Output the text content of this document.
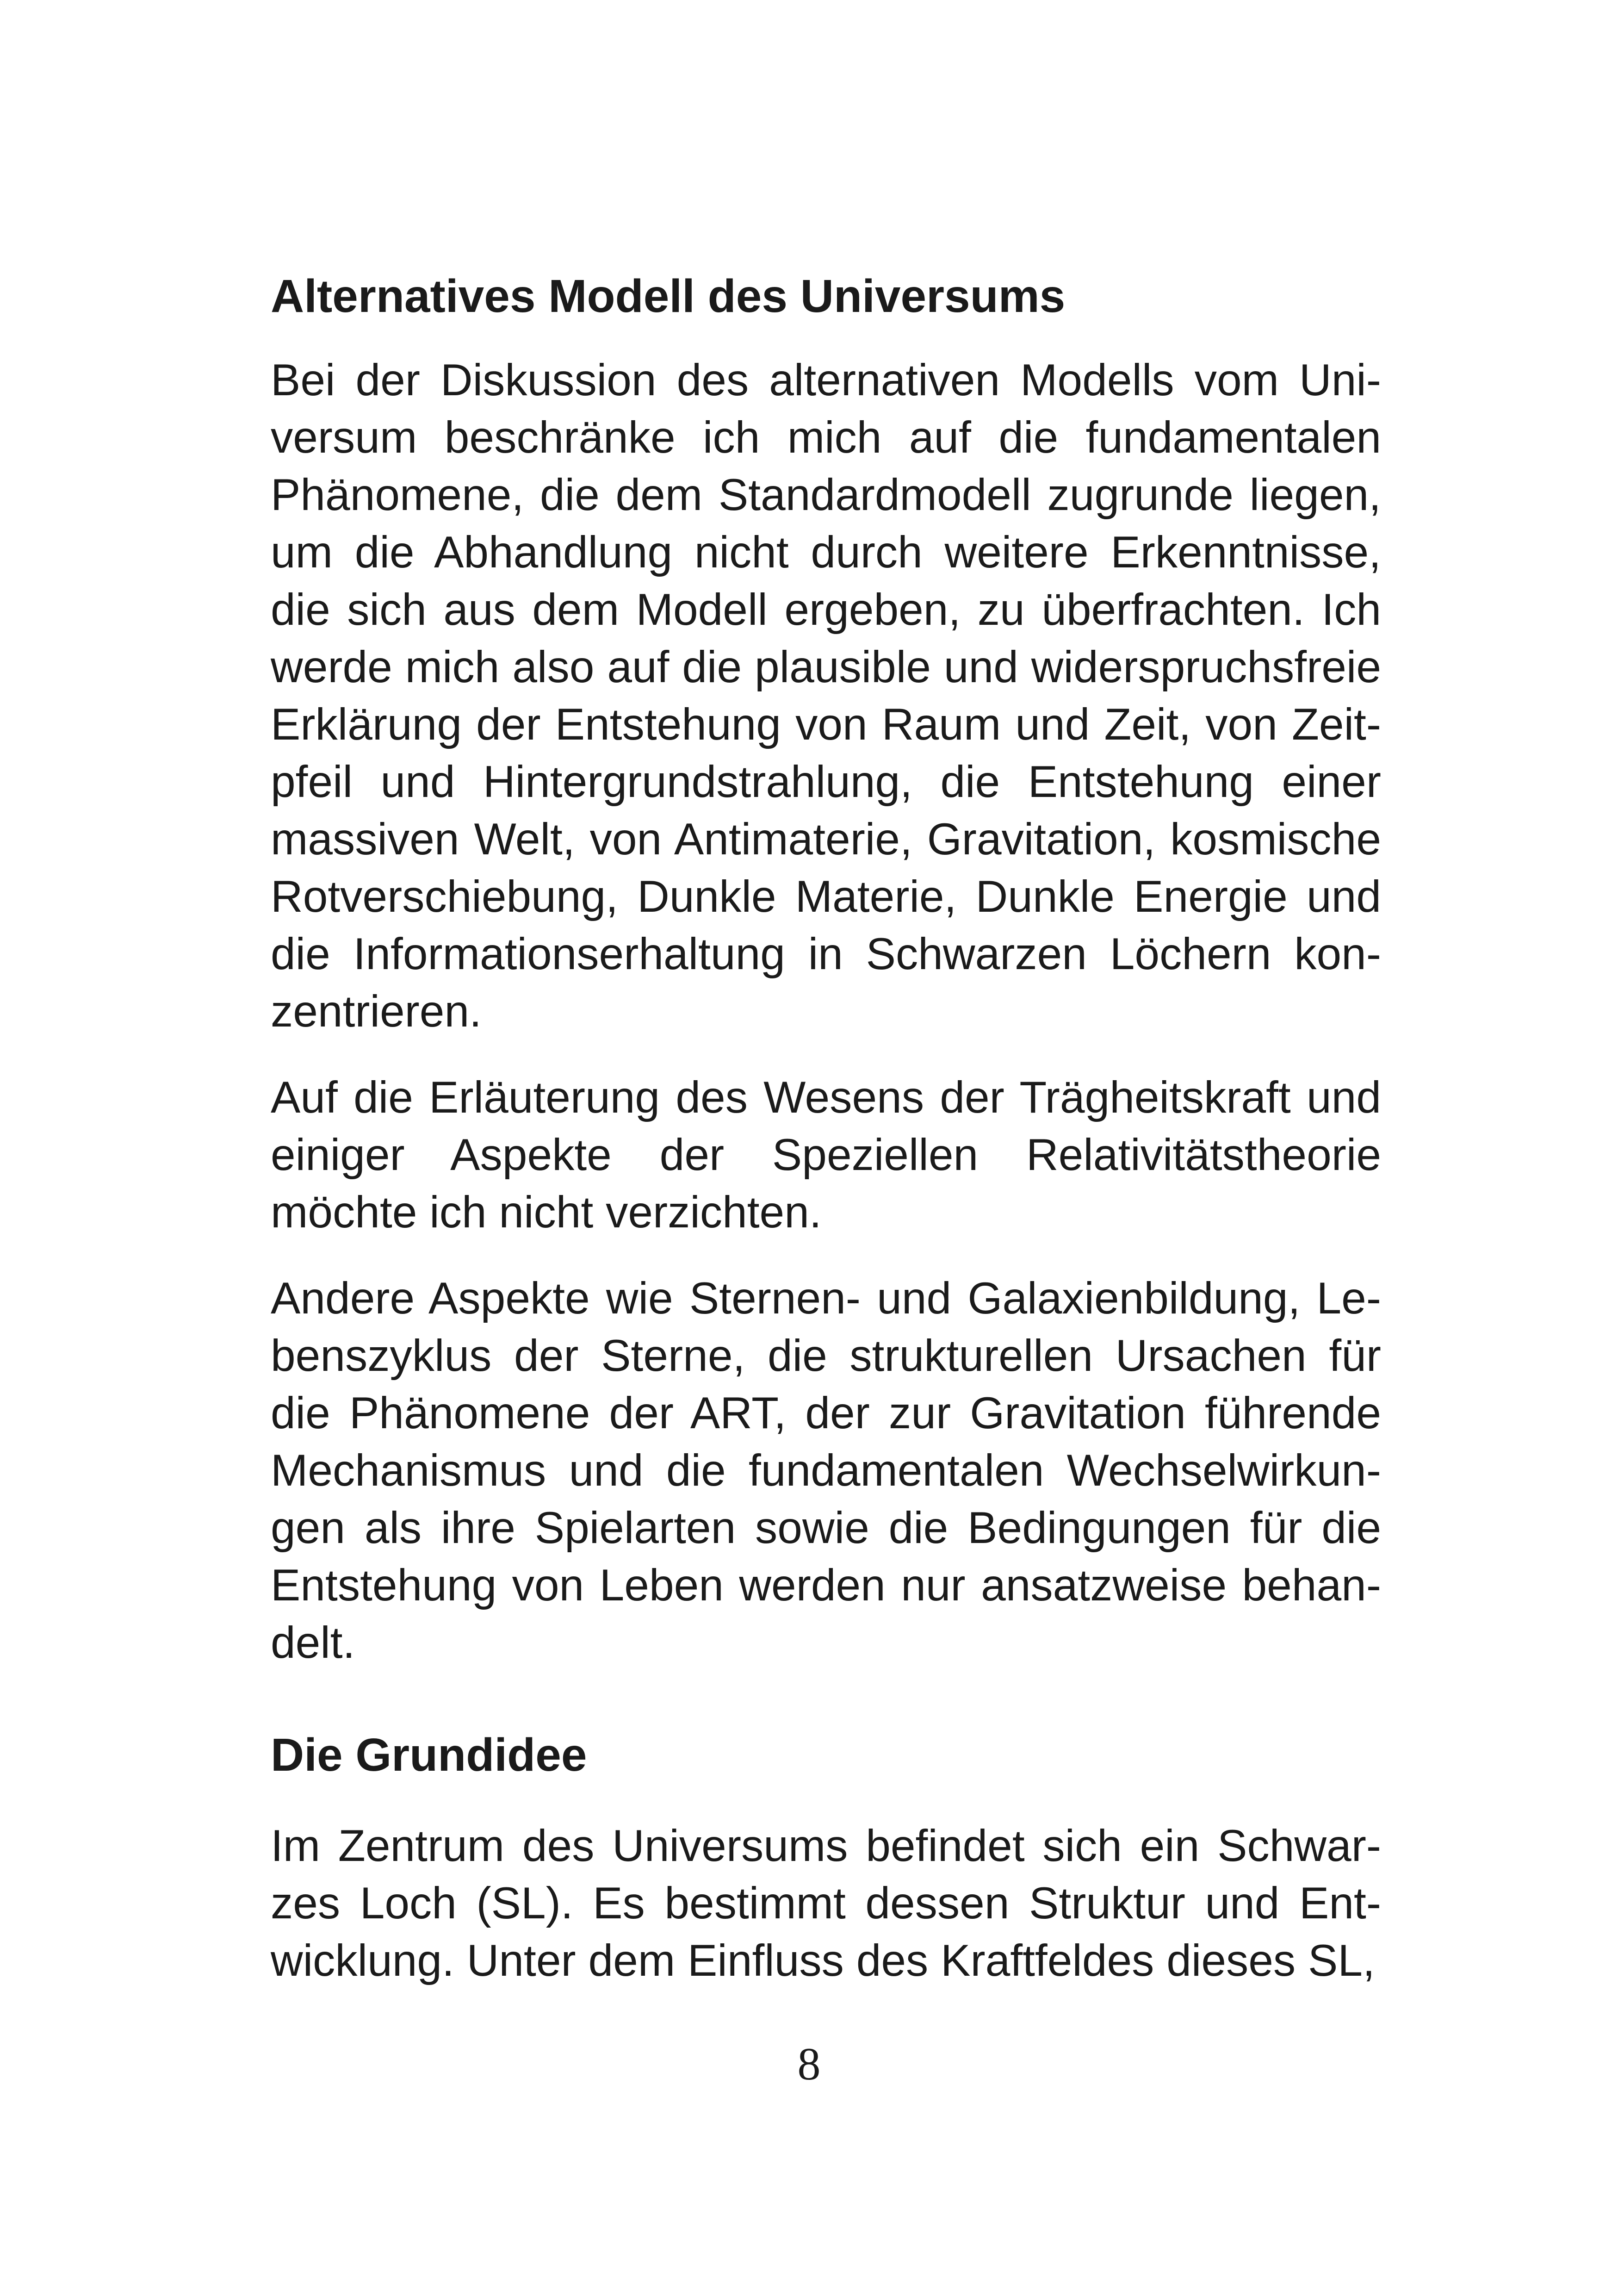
Alternatives Modell des Universums

Bei der Diskussion des alternativen Modells vom Universum beschränke ich mich auf die fundamentalen Phänomene, die dem Standardmodell zugrunde liegen, um die Abhandlung nicht durch weitere Erkenntnisse, die sich aus dem Modell ergeben, zu überfrachten. Ich werde mich also auf die plausible und widerspruchsfreie Erklärung der Entstehung von Raum und Zeit, von Zeitpfeil und Hintergrundstrahlung, die Entstehung einer massiven Welt, von Antimaterie, Gravitation, kosmische Rotverschiebung, Dunkle Materie, Dunkle Energie und die Informationserhaltung in Schwarzen Löchern konzentrieren.

Auf die Erläuterung des Wesens der Trägheitskraft und einiger Aspekte der Speziellen Relativitätstheorie möchte ich nicht verzichten.

Andere Aspekte wie Sternen- und Galaxienbildung, Lebenszyklus der Sterne, die strukturellen Ursachen für die Phänomene der ART, der zur Gravitation führende Mechanismus und die fundamentalen Wechselwirkungen als ihre Spielarten sowie die Bedingungen für die Entstehung von Leben werden nur ansatzweise behandelt.

Die Grundidee

Im Zentrum des Universums befindet sich ein Schwarzes Loch (SL). Es bestimmt dessen Struktur und Entwicklung. Unter dem Einfluss des Kraftfeldes dieses SL,

8
